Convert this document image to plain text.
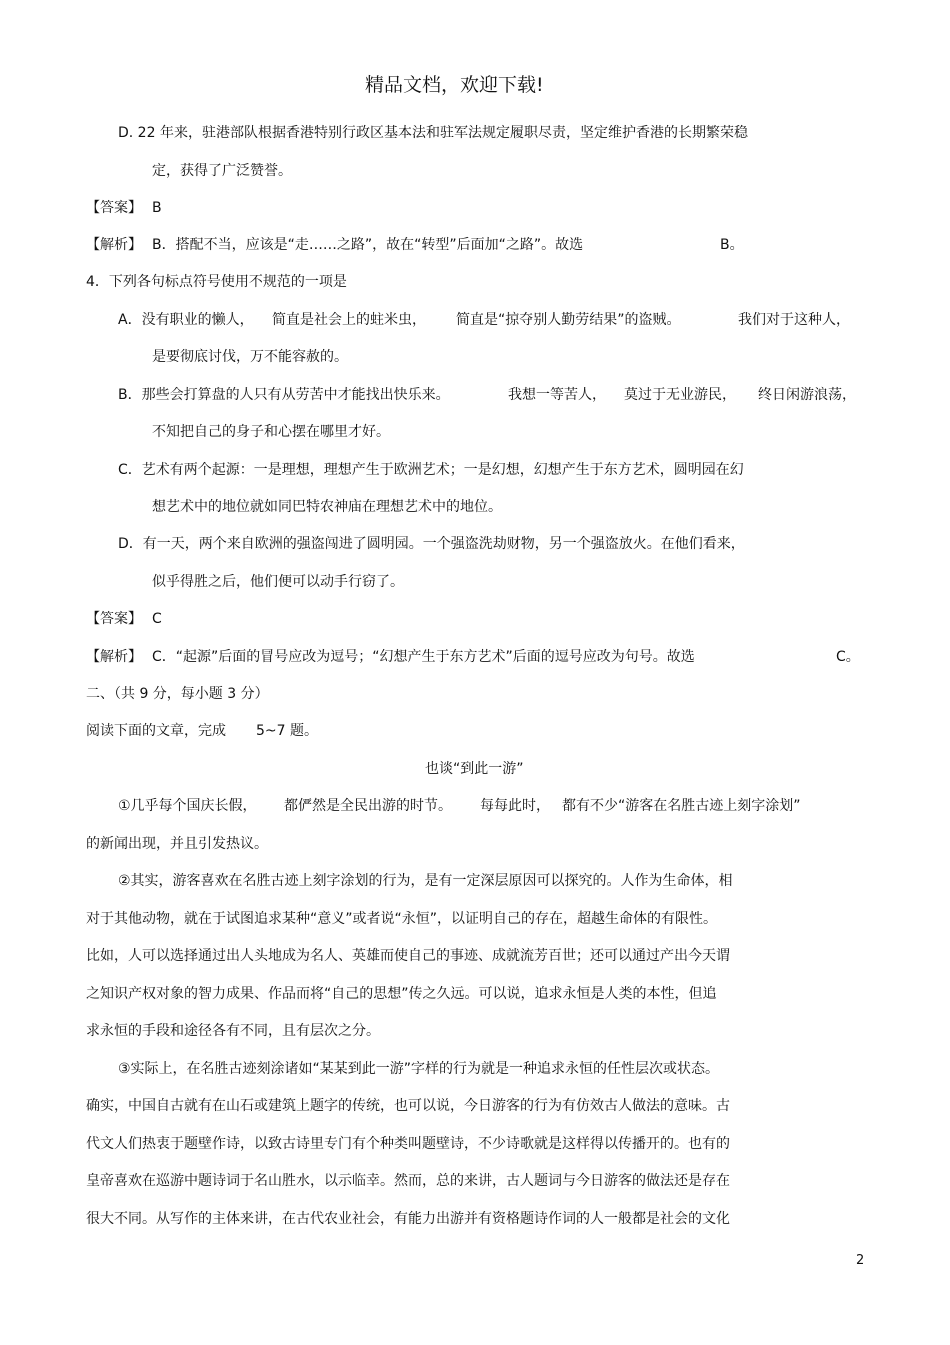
精品文档，欢迎下载!
D. 22 年来，驻港部队根据香港特别行政区基本法和驻军法规定履职尽责，坚定维护香港的长期繁荣稳
定，获得了广泛赞誉。
【答案】 B
【解析】 B．搭配不当，应该是“走……之路”，故在“转型”后面加“之路”。故选	B。
4．下列各句标点符号使用不规范的一项是
A．没有职业的懒人， 简直是社会上的蛀米虫， 简直是“掠夺别人勤劳结果”的盗贼。	我们对于这种人，
是要彻底讨伐，万不能容赦的。
B．那些会打算盘的人只有从劳苦中才能找出快乐来。	我想一等苦人， 莫过于无业游民， 终日闲游浪荡，
不知把自己的身子和心摆在哪里才好。
C．艺术有两个起源：一是理想，理想产生于欧洲艺术；一是幻想，幻想产生于东方艺术，圆明园在幻
想艺术中的地位就如同巴特农神庙在理想艺术中的地位。
D．有一天，两个来自欧洲的强盗闯进了圆明园。一个强盗洗劫财物，另一个强盗放火。在他们看来，
似乎得胜之后，他们便可以动手行窃了。
【答案】 C
【解析】 C．“起源”后面的冒号应改为逗号；“幻想产生于东方艺术”后面的逗号应改为句号。故选	C。
二、（共 9 分，每小题 3 分）
阅读下面的文章，完成 5~7 题。
也谈“到此一游”
①几乎每个国庆长假， 都俨然是全民出游的时节。 每每此时， 都有不少“游客在名胜古迹上刻字涂划”
的新闻出现，并且引发热议。
②其实，游客喜欢在名胜古迹上刻字涂划的行为，是有一定深层原因可以探究的。人作为生命体，相
对于其他动物，就在于试图追求某种“意义”或者说“永恒”，以证明自己的存在，超越生命体的有限性。
比如，人可以选择通过出人头地成为名人、英雄而使自己的事迹、成就流芳百世；还可以通过产出今天谓
之知识产权对象的智力成果、作品而将“自己的思想”传之久远。可以说，追求永恒是人类的本性，但追
求永恒的手段和途径各有不同，且有层次之分。
③实际上，在名胜古迹刻涂诸如“某某到此一游”字样的行为就是一种追求永恒的任性层次或状态。
确实，中国自古就有在山石或建筑上题字的传统，也可以说，今日游客的行为有仿效古人做法的意味。古
代文人们热衷于题壁作诗，以致古诗里专门有个种类叫题壁诗，不少诗歌就是这样得以传播开的。也有的
皇帝喜欢在巡游中题诗词于名山胜水，以示临幸。然而，总的来讲，古人题词与今日游客的做法还是存在
很大不同。从写作的主体来讲，在古代农业社会，有能力出游并有资格题诗作词的人一般都是社会的文化
2
